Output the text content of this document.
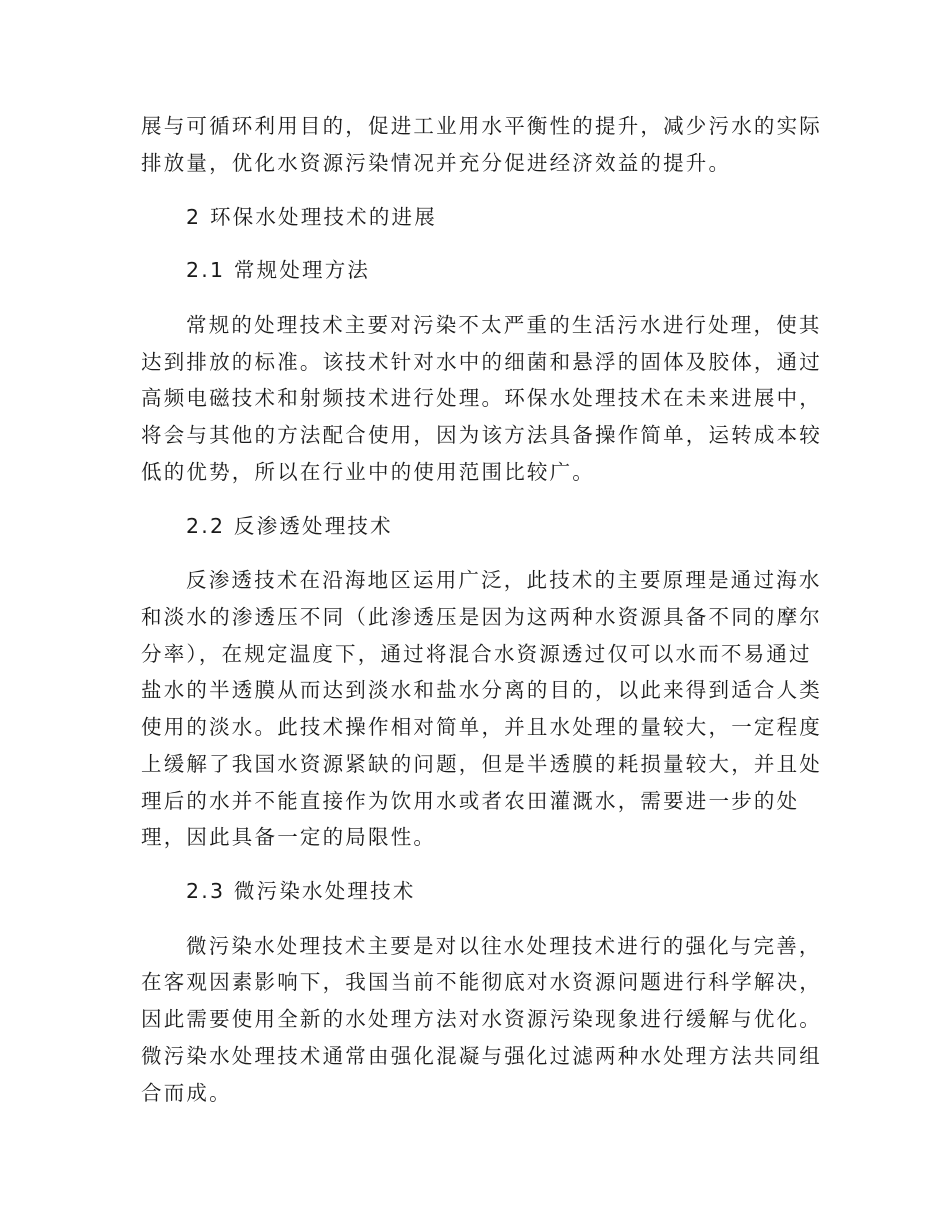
展与可循环利用目的，促进工业用水平衡性的提升，减少污水的实际
排放量，优化水资源污染情况并充分促进经济效益的提升。
2 环保水处理技术的进展
2.1 常规处理方法
常规的处理技术主要对污染不太严重的生活污水进行处理，使其
达到排放的标准。该技术针对水中的细菌和悬浮的固体及胶体，通过
高频电磁技术和射频技术进行处理。环保水处理技术在未来进展中，
将会与其他的方法配合使用，因为该方法具备操作简单，运转成本较
低的优势，所以在行业中的使用范围比较广。
2.2 反渗透处理技术
反渗透技术在沿海地区运用广泛，此技术的主要原理是通过海水
和淡水的渗透压不同（此渗透压是因为这两种水资源具备不同的摩尔
分率），在规定温度下，通过将混合水资源透过仅可以水而不易通过
盐水的半透膜从而达到淡水和盐水分离的目的，以此来得到适合人类
使用的淡水。此技术操作相对简单，并且水处理的量较大，一定程度
上缓解了我国水资源紧缺的问题，但是半透膜的耗损量较大，并且处
理后的水并不能直接作为饮用水或者农田灌溉水，需要进一步的处
理，因此具备一定的局限性。
2.3 微污染水处理技术
微污染水处理技术主要是对以往水处理技术进行的强化与完善，
在客观因素影响下，我国当前不能彻底对水资源问题进行科学解决，
因此需要使用全新的水处理方法对水资源污染现象进行缓解与优化。
微污染水处理技术通常由强化混凝与强化过滤两种水处理方法共同组
合而成。
